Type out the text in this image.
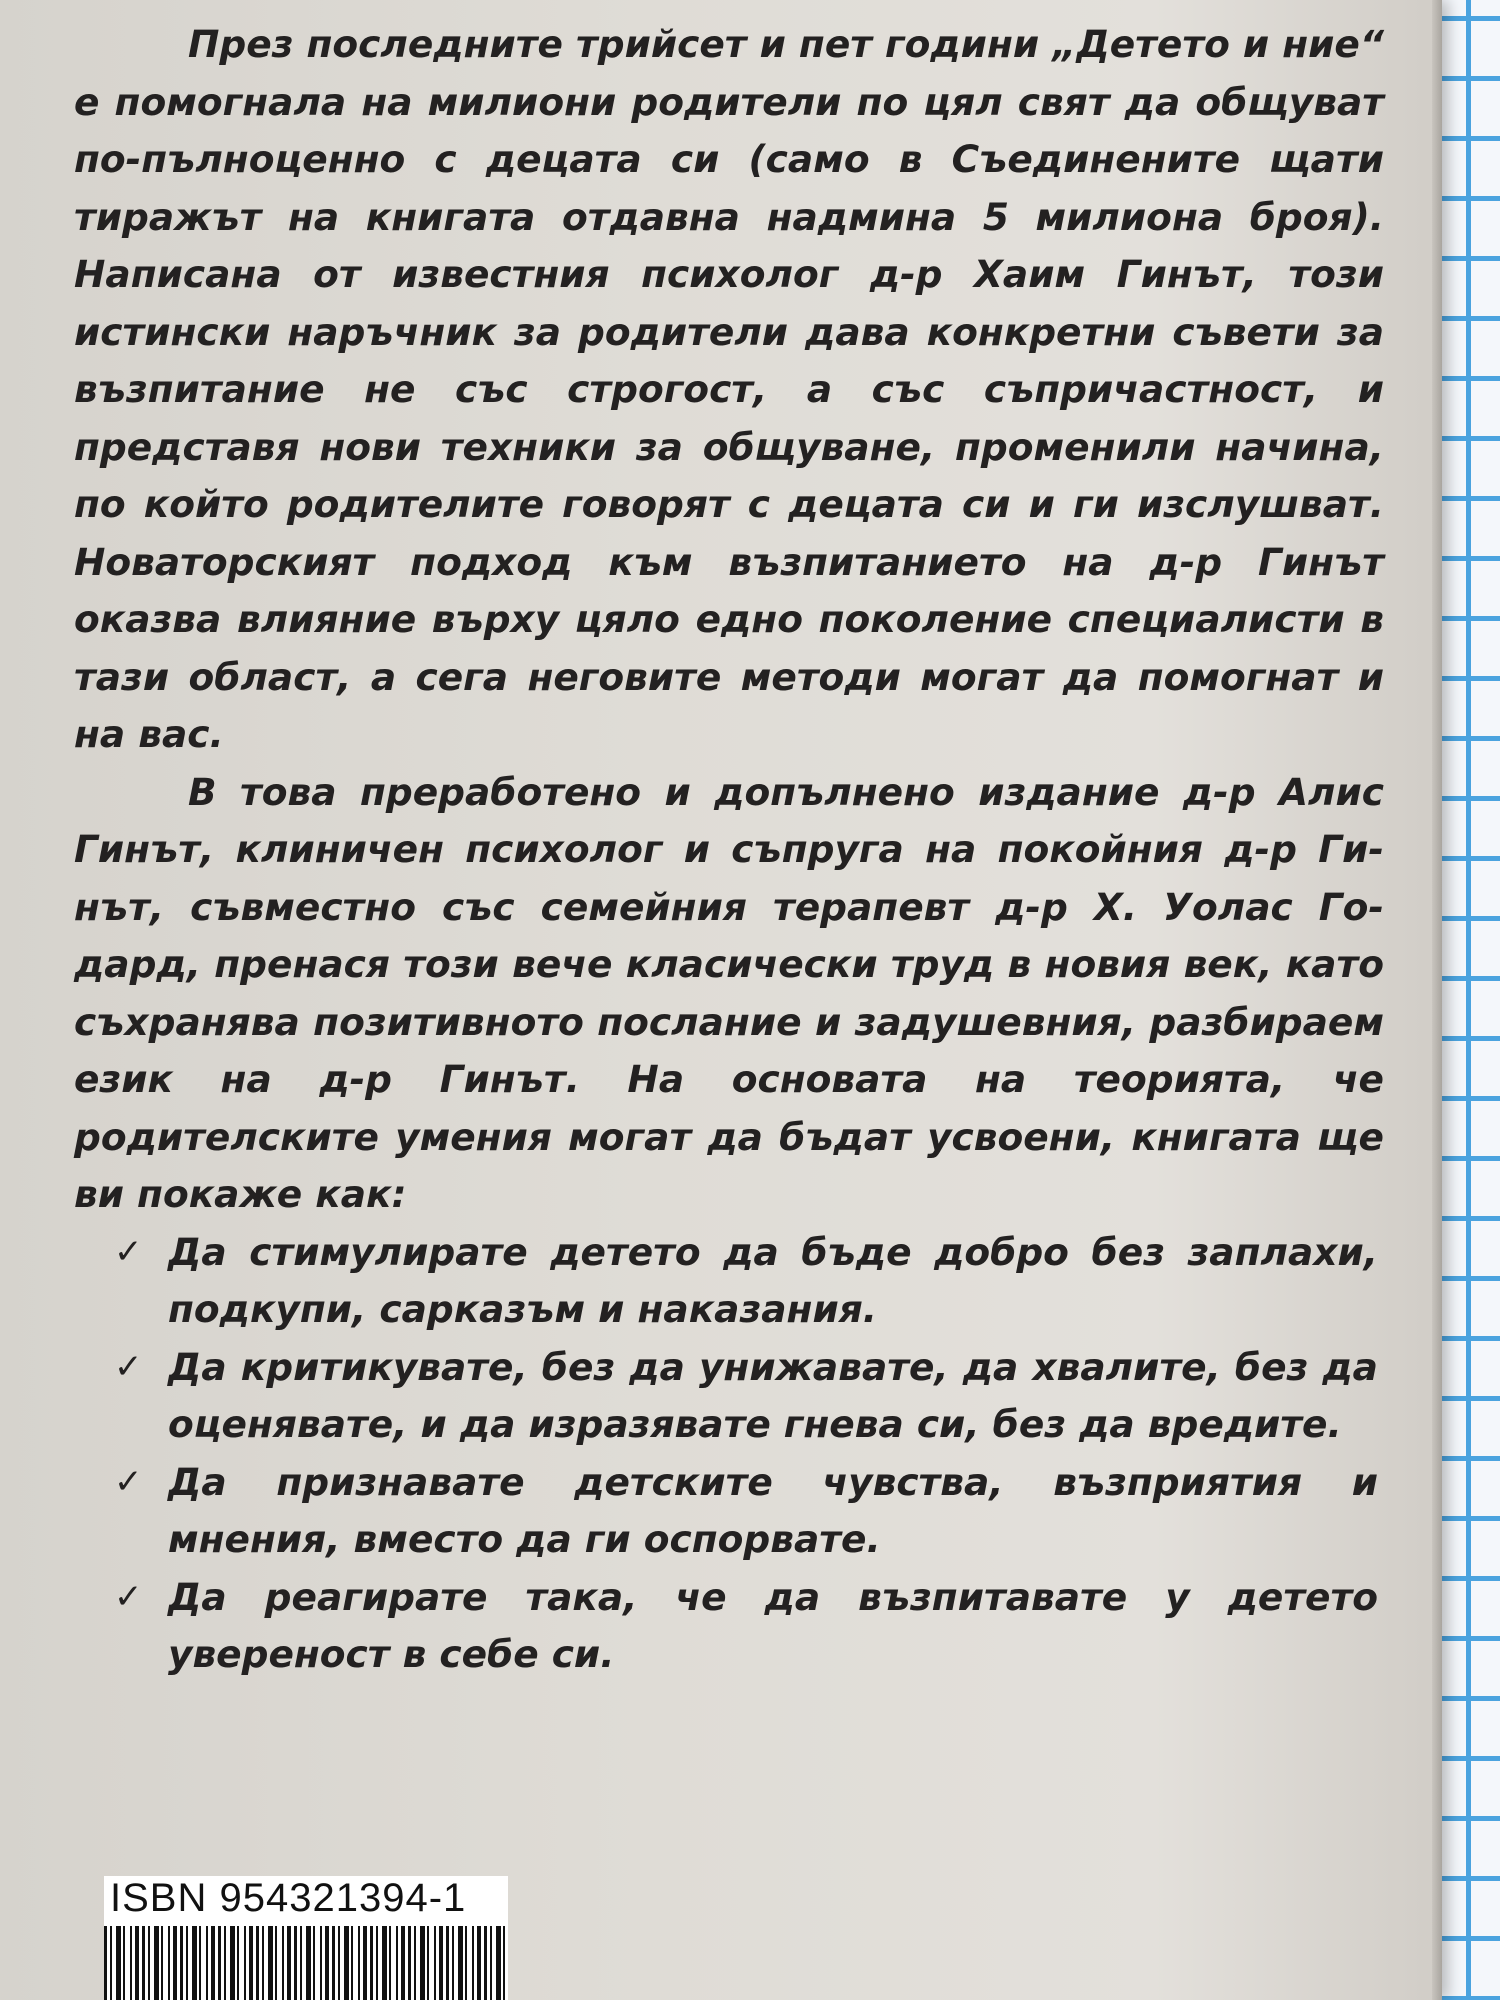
През последните трийсет и пет години „Детето и ние“ е помогнала на милиони родители по цял свят да общуват по-пълноценно с децата си (само в Съединените щати тиражът на книгата отдавна надмина 5 милиона броя). Написана от известния психолог д-р Хаим Гинът, този истински наръчник за родители дава конкретни съвети за възпитание не със строгост, а със съпричастност, и представя нови техники за общуване, променили начина, по който родителите говорят с децата си и ги изслушват. Новаторският подход към възпитанието на д-р Гинът оказва влияние върху цяло едно поколение специалисти в тази област, а сега неговите методи могат да помогнат и на вас.

В това преработено и допълнено издание д-р Алис Гинът, клиничен психолог и съпруга на покойния д-р Гинът, съвместно със семейния терапевт д-р Х. Уолас Годард, пренася този вече класически труд в новия век, като съхранява позитивното послание и задушевния, разбираем език на д-р Гинът. На основата на теорията, че родителските умения могат да бъдат усвоени, книгата ще ви покаже как:

✓ Да стимулирате детето да бъде добро без заплахи, подкупи, сарказъм и наказания.
✓ Да критикувате, без да унижавате, да хвалите, без да оценявате, и да изразявате гнева си, без да вредите.
✓ Да признавате детските чувства, възприятия и мнения, вместо да ги оспорвате.
✓ Да реагирате така, че да възпитавате у детето увереност в себе си.
ISBN 954321394-1
